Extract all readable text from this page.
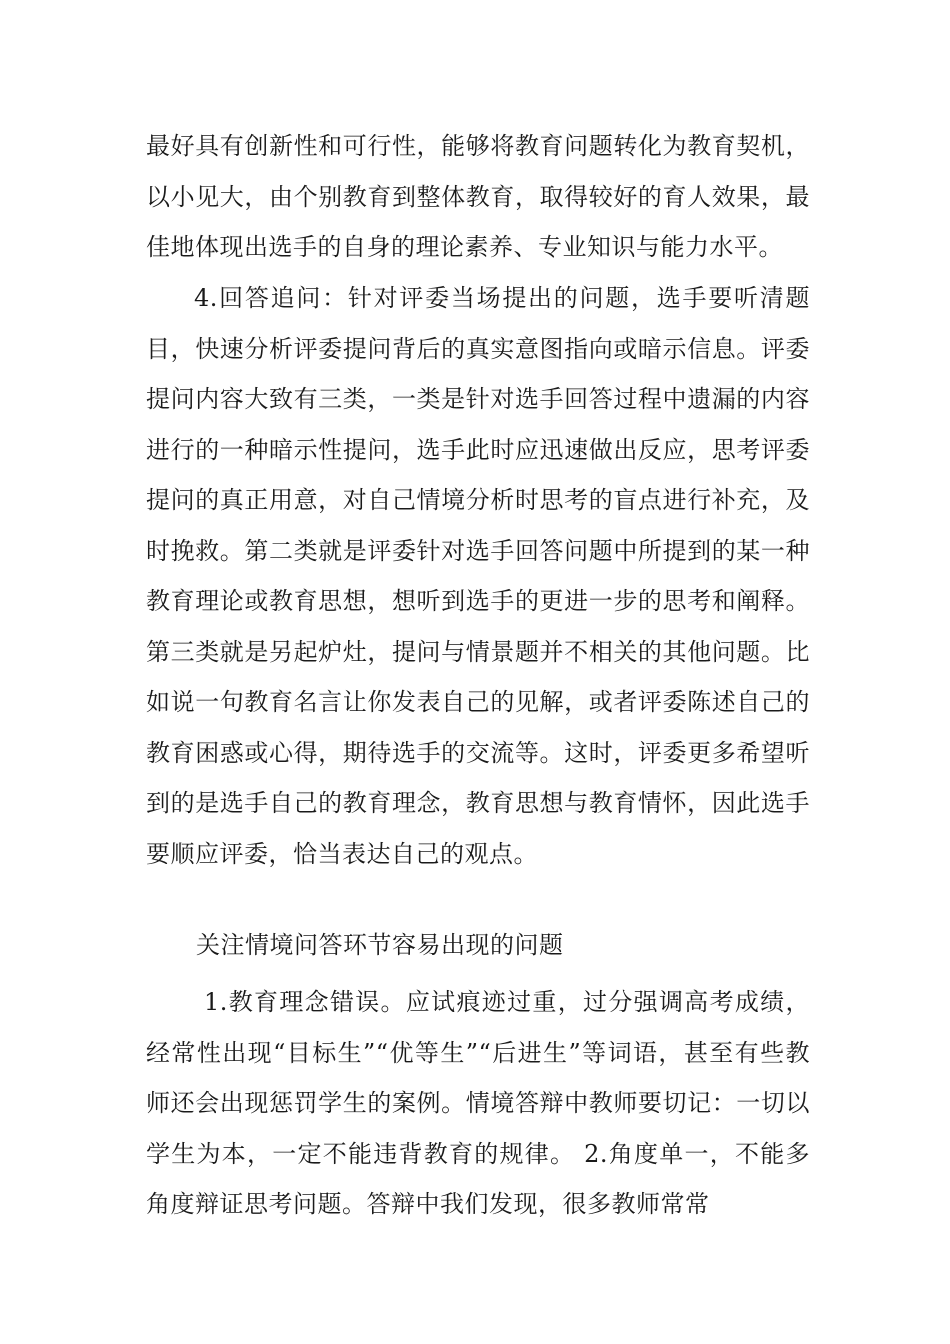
最好具有创新性和可行性，能够将教育问题转化为教育契机，以小见大，由个别教育到整体教育，取得较好的育人效果，最佳地体现出选手的自身的理论素养、专业知识与能力水平。

4.回答追问：针对评委当场提出的问题，选手要听清题目，快速分析评委提问背后的真实意图指向或暗示信息。评委提问内容大致有三类，一类是针对选手回答过程中遗漏的内容进行的一种暗示性提问，选手此时应迅速做出反应，思考评委提问的真正用意，对自己情境分析时思考的盲点进行补充，及时挽救。第二类就是评委针对选手回答问题中所提到的某一种教育理论或教育思想，想听到选手的更进一步的思考和阐释。第三类就是另起炉灶，提问与情景题并不相关的其他问题。比如说一句教育名言让你发表自己的见解，或者评委陈述自己的教育困惑或心得，期待选手的交流等。这时，评委更多希望听到的是选手自己的教育理念，教育思想与教育情怀，因此选手要顺应评委，恰当表达自己的观点。

关注情境问答环节容易出现的问题

1.教育理念错误。应试痕迹过重，过分强调高考成绩，经常性出现“目标生”“优等生”“后进生”等词语，甚至有些教师还会出现惩罚学生的案例。情境答辩中教师要切记：一切以学生为本，一定不能违背教育的规律。 2.角度单一，不能多角度辩证思考问题。答辩中我们发现，很多教师常常
